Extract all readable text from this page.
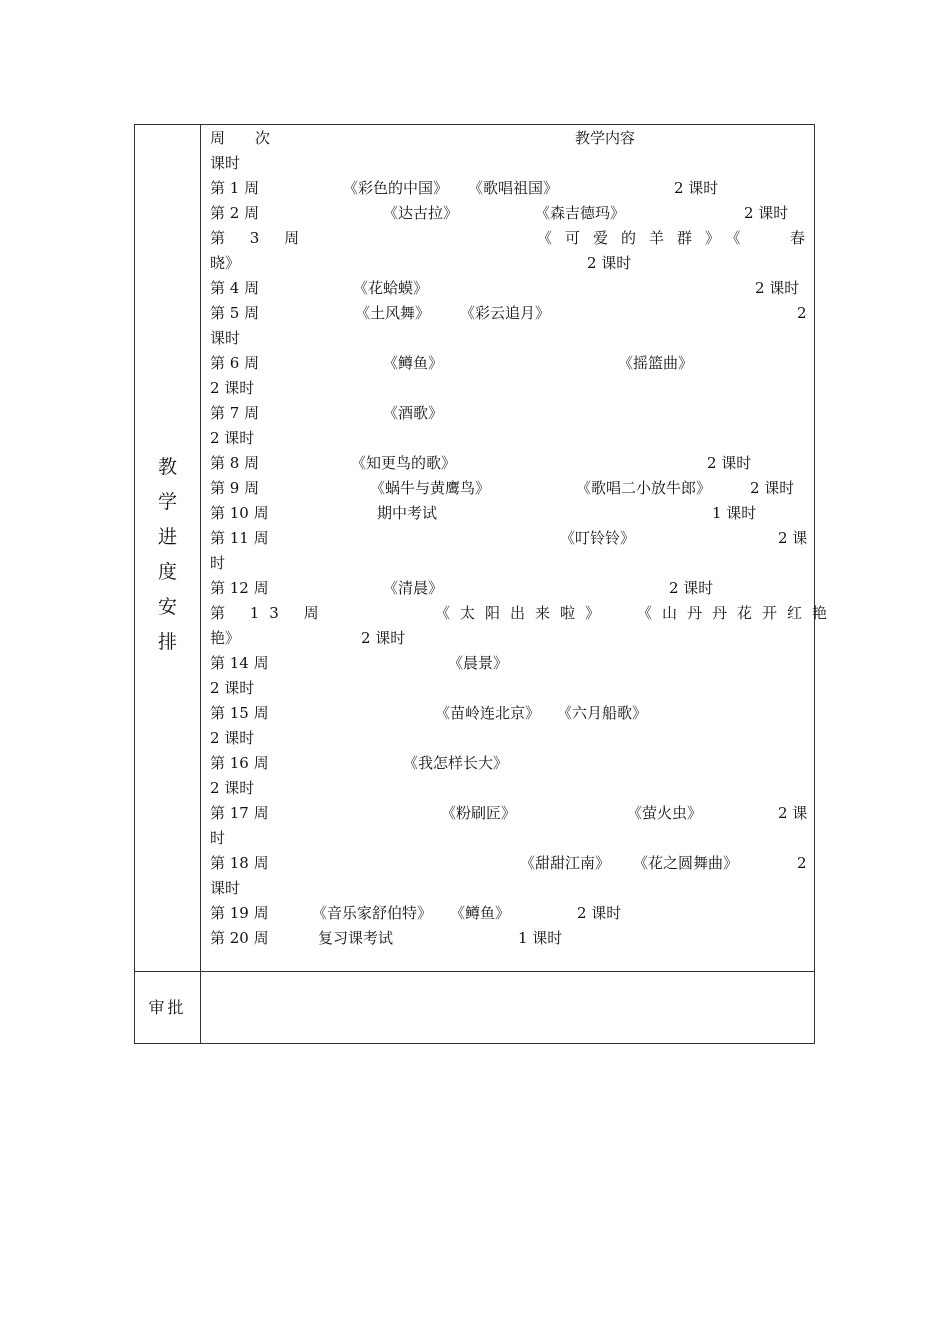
教
学
进
度
安
排
审批
周　　次	教学内容
课时
第 1 周	《彩色的中国》 《歌唱祖国》	2 课时
第 2 周	《达古拉》	《森吉德玛》	2 课时
第 3 周	《可爱的羊群》《 春
晓》	2 课时
第 4 周	《花蛤蟆》	2 课时
第 5 周	《土风舞》 《彩云追月》	2
课时
第 6 周	《鳟鱼》	《摇篮曲》
2 课时
第 7 周	《酒歌》
2 课时
第 8 周	《知更鸟的歌》	2 课时
第 9 周	《蜗牛与黄鹰鸟》	《歌唱二小放牛郎》	2 课时
第 10 周	期中考试	1 课时
第 11 周	《叮铃铃》	2 课
时
第 12 周	《清晨》	2 课时
第 13 周	《太阳出来啦》 《山丹丹花开红艳
艳》	2 课时
第 14 周	《晨景》
2 课时
第 15 周	《苗岭连北京》 《六月船歌》
2 课时
第 16 周	《我怎样长大》
2 课时
第 17 周	《粉刷匠》	《萤火虫》	2 课
时
第 18 周	《甜甜江南》 《花之圆舞曲》	2
课时
第 19 周	《音乐家舒伯特》 《鳟鱼》	2 课时
第 20 周	复习课考试	1 课时
